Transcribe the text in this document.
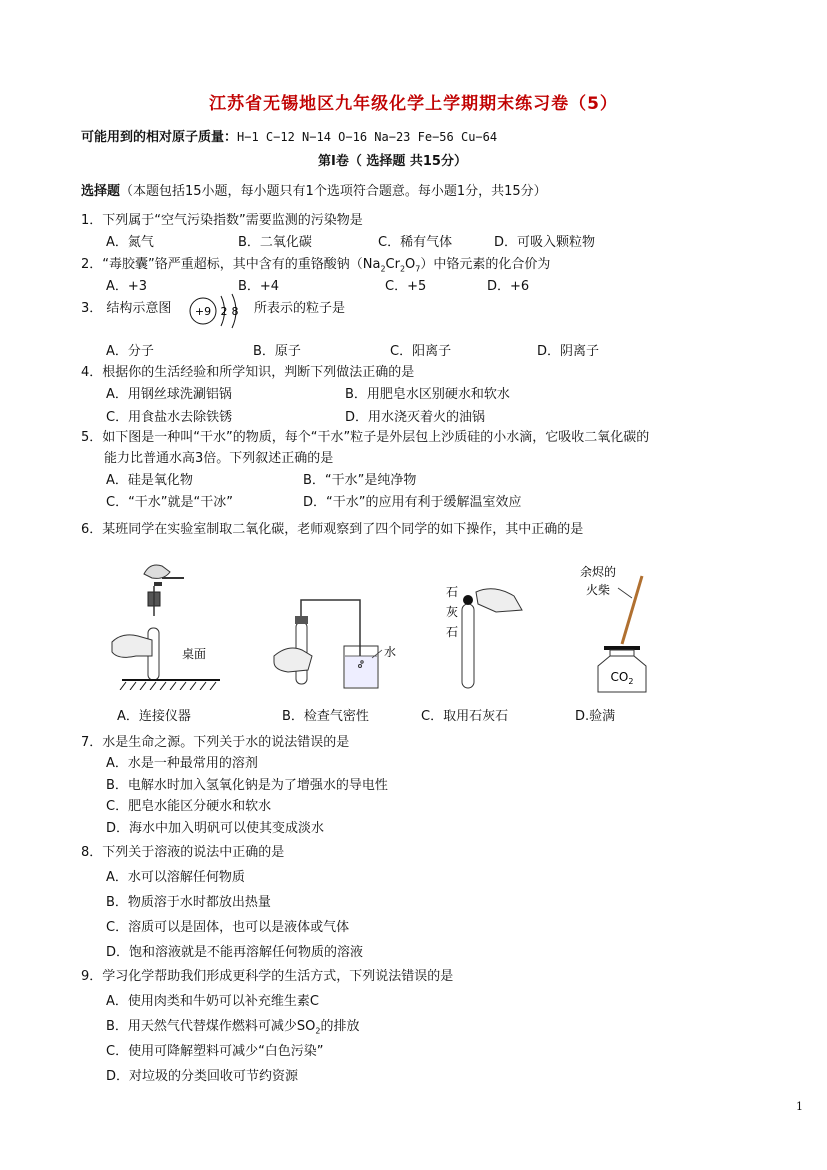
江苏省无锡地区九年级化学上学期期末练习卷（5）
可能用到的相对原子质量：H−1 C−12 N−14 O−16 Na−23 Fe−56 Cu−64
第Ⅰ卷（ 选择题 共15分）
选择题（本题包括15小题，每小题只有1个选项符合题意。每小题1分，共15分）
1．下列属于“空气污染指数”需要监测的污染物是
A．氮气	B．二氧化碳	C．稀有气体	D．可吸入颗粒物
2．“毒胶囊”铬严重超标，其中含有的重铬酸钠$(Na_2Cr_2O_7)$中铬元素的化合价为
A．+3	B．+4	C．+5	D．+6
3． 结构示意图 +9 2 8 所表示的粒子是
A．分子	B．原子	C．阳离子	D．阴离子
4．根据你的生活经验和所学知识，判断下列做法正确的是
A．用钢丝球洗涮铝锅	B．用肥皂水区别硬水和软水
C．用食盐水去除铁锈	D．用水浇灭着火的油锅
5．如下图是一种叫“干水”的物质，每个“干水”粒子是外层包上沙质硅的小水滴，它吸收二氧化碳的
能力比普通水高3倍。下列叙述正确的是
A．硅是氧化物	B．“干水”是纯净物
C．“干水”就是“干冰”	D．“干水”的应用有利于缓解温室效应
6．某班同学在实验室制取二氧化碳，老师观察到了四个同学的如下操作，其中正确的是
桌面	水
石
灰
石
余烬的
火柴
$CO_2$
A．连接仪器	B．检查气密性	C．取用石灰石	D.验满
7．水是生命之源。下列关于水的说法错误的是
A．水是一种最常用的溶剂
B．电解水时加入氢氧化钠是为了增强水的导电性
C．肥皂水能区分硬水和软水
D．海水中加入明矾可以使其变成淡水
8．下列关于溶液的说法中正确的是
A．水可以溶解任何物质
B．物质溶于水时都放出热量
C．溶质可以是固体，也可以是液体或气体
D．饱和溶液就是不能再溶解任何物质的溶液
9．学习化学帮助我们形成更科学的生活方式，下列说法错误的是
A．使用肉类和牛奶可以补充维生素C
B．用天然气代替煤作燃料可减少$SO_2$的排放
C．使用可降解塑料可减少“白色污染”
D．对垃圾的分类回收可节约资源
1
